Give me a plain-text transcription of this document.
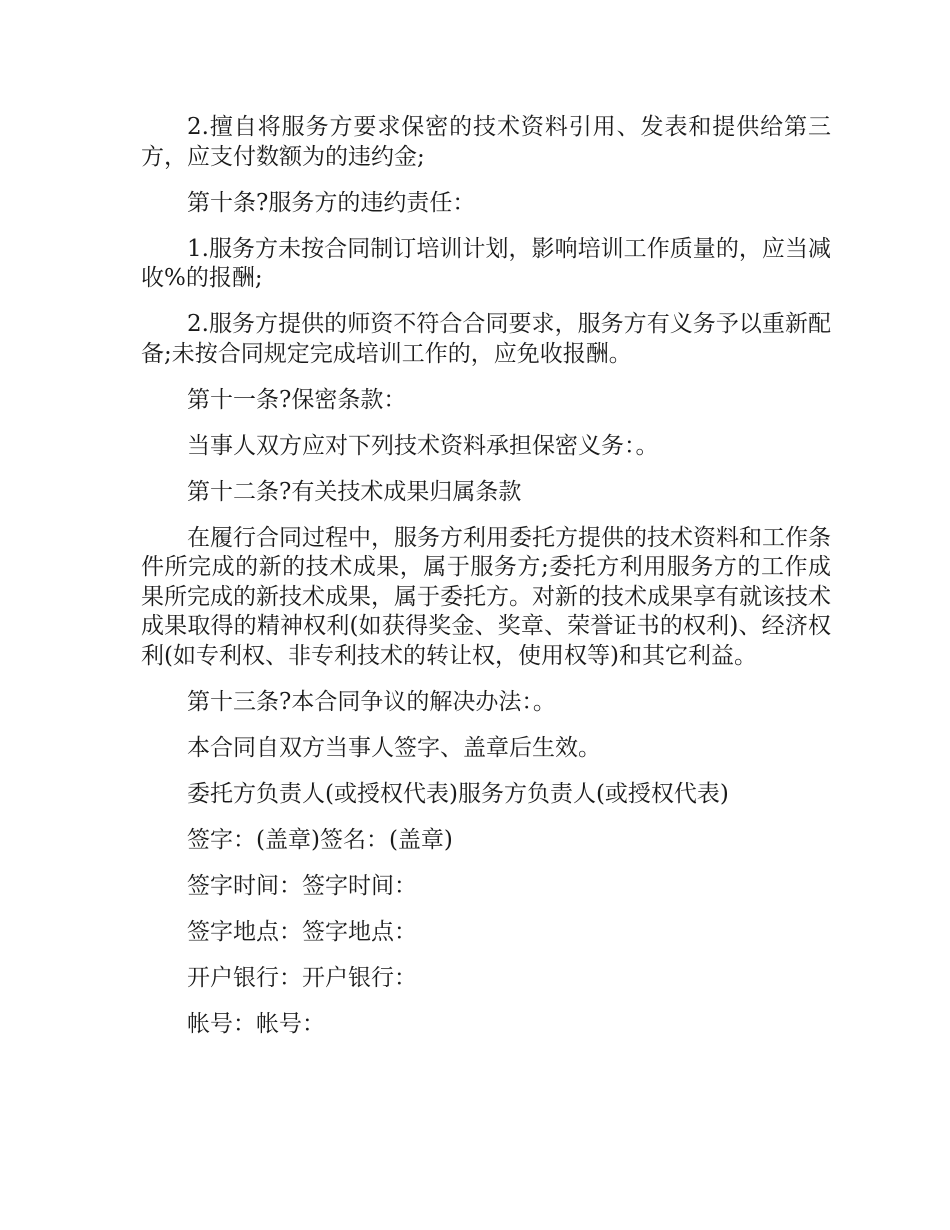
2.擅自将服务方要求保密的技术资料引用、发表和提供给第三方，应支付数额为的违约金;

第十条?服务方的违约责任：

1.服务方未按合同制订培训计划，影响培训工作质量的，应当减收%的报酬;

2.服务方提供的师资不符合合同要求，服务方有义务予以重新配备;未按合同规定完成培训工作的，应免收报酬。

第十一条?保密条款：

当事人双方应对下列技术资料承担保密义务：。

第十二条?有关技术成果归属条款

在履行合同过程中，服务方利用委托方提供的技术资料和工作条件所完成的新的技术成果，属于服务方;委托方利用服务方的工作成果所完成的新技术成果，属于委托方。对新的技术成果享有就该技术成果取得的精神权利(如获得奖金、奖章、荣誉证书的权利)、经济权利(如专利权、非专利技术的转让权，使用权等)和其它利益。

第十三条?本合同争议的解决办法：。

本合同自双方当事人签字、盖章后生效。

委托方负责人(或授权代表)服务方负责人(或授权代表)

签字：(盖章)签名：(盖章)

签字时间：签字时间：

签字地点：签字地点：

开户银行：开户银行：

帐号：帐号：
